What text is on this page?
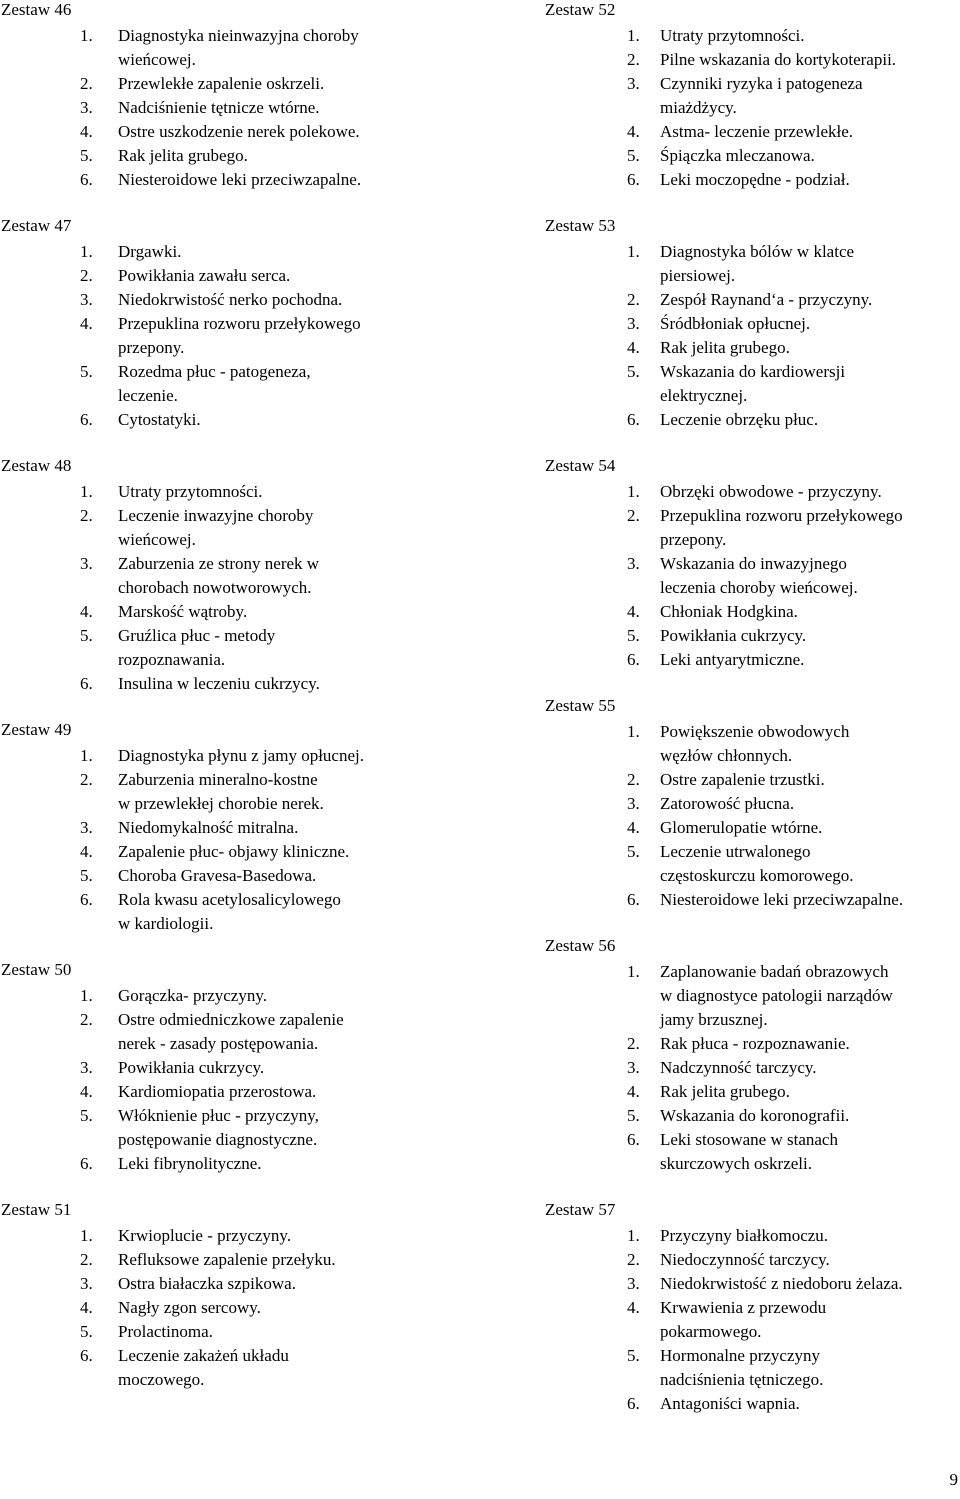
Zestaw 46
1.	Diagnostyka nieinwazyjna choroby
wieńcowej.
2.	Przewlekłe zapalenie oskrzeli.
3.	Nadciśnienie tętnicze wtórne.
4.	Ostre uszkodzenie nerek polekowe.
5.	Rak jelita grubego.
6.	Niesteroidowe leki przeciwzapalne.
Zestaw 47
1.	Drgawki.
2.	Powikłania zawału serca.
3.	Niedokrwistość nerko pochodna.
4.	Przepuklina rozworu przełykowego
przepony.
5.	Rozedma płuc - patogeneza,
leczenie.
6.	Cytostatyki.
Zestaw 48
1.	Utraty przytomności.
2.	Leczenie inwazyjne choroby
wieńcowej.
3.	Zaburzenia ze strony nerek w
chorobach nowotworowych.
4.	Marskość wątroby.
5.	Gruźlica płuc - metody
rozpoznawania.
6.	Insulina w leczeniu cukrzycy.
Zestaw 49
1.	Diagnostyka płynu z jamy opłucnej.
2.	Zaburzenia mineralno-kostne
w przewlekłej chorobie nerek.
3.	Niedomykalność mitralna.
4.	Zapalenie płuc- objawy kliniczne.
5.	Choroba Gravesa-Basedowa.
6.	Rola kwasu acetylosalicylowego
w kardiologii.
Zestaw 50
1.	Gorączka- przyczyny.
2.	Ostre odmiedniczkowe zapalenie
nerek - zasady postępowania.
3.	Powikłania cukrzycy.
4.	Kardiomiopatia przerostowa.
5.	Włóknienie płuc - przyczyny,
postępowanie diagnostyczne.
6.	Leki fibrynolityczne.
Zestaw 51
1.	Krwioplucie - przyczyny.
2.	Refluksowe zapalenie przełyku.
3.	Ostra białaczka szpikowa.
4.	Nagły zgon sercowy.
5.	Prolactinoma.
6.	Leczenie zakażeń układu
moczowego.
Zestaw 52
1.	Utraty przytomności.
2.	Pilne wskazania do kortykoterapii.
3.	Czynniki ryzyka i patogeneza
miażdżycy.
4.	Astma- leczenie przewlekłe.
5.	Śpiączka mleczanowa.
6.	Leki moczopędne - podział.
Zestaw 53
1.	Diagnostyka bólów w klatce
piersiowej.
2.	Zespół Raynand‘a - przyczyny.
3.	Śródbłoniak opłucnej.
4.	Rak jelita grubego.
5.	Wskazania do kardiowersji
elektrycznej.
6.	Leczenie obrzęku płuc.
Zestaw 54
1.	Obrzęki obwodowe - przyczyny.
2.	Przepuklina rozworu przełykowego
przepony.
3.	Wskazania do inwazyjnego
leczenia choroby wieńcowej.
4.	Chłoniak Hodgkina.
5.	Powikłania cukrzycy.
6.	Leki antyarytmiczne.
Zestaw 55
1.	Powiększenie obwodowych
węzłów chłonnych.
2.	Ostre zapalenie trzustki.
3.	Zatorowość płucna.
4.	Glomerulopatie wtórne.
5.	Leczenie utrwalonego
częstoskurczu komorowego.
6.	Niesteroidowe leki przeciwzapalne.
Zestaw 56
1.	Zaplanowanie badań obrazowych
w diagnostyce patologii narządów
jamy brzusznej.
2.	Rak płuca - rozpoznawanie.
3.	Nadczynność tarczycy.
4.	Rak jelita grubego.
5.	Wskazania do koronografii.
6.	Leki stosowane w stanach
skurczowych oskrzeli.
Zestaw 57
1.	Przyczyny białkomoczu.
2.	Niedoczynność tarczycy.
3.	Niedokrwistość z niedoboru żelaza.
4.	Krwawienia z przewodu
pokarmowego.
5.	Hormonalne przyczyny
nadciśnienia tętniczego.
6.	Antagoniści wapnia.
9
